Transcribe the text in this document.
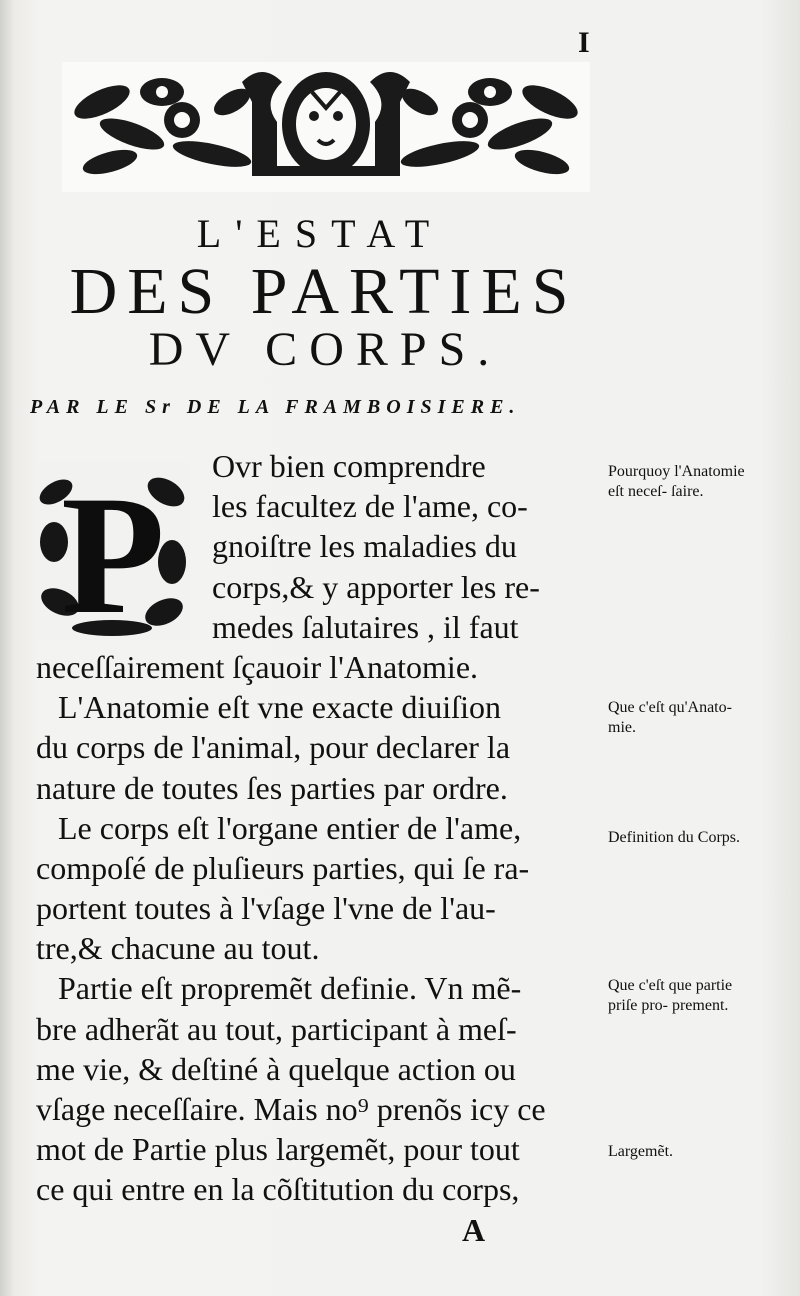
I
L'ESTAT
DES PARTIES
DV CORPS.
PAR LE Sr DE LA FRAMBOISIERE.
P	Ovr bien comprendre
les facultez de l'ame, co-
gnoiſtre les maladies du
corps,& y apporter les re-
medes ſalutaires , il faut
neceſſairement ſçauoir l'Anatomie.
L'Anatomie eſt vne exacte diuiſion
du corps de l'animal, pour declarer la
nature de toutes ſes parties par ordre.
Le corps eſt l'organe entier de l'ame,
compoſé de pluſieurs parties, qui ſe ra-
portent toutes à l'vſage l'vne de l'au-
tre,& chacune au tout.
Partie eſt propremẽt definie. Vn mẽ-
bre adherãt au tout, participant à meſ-
me vie, & deſtiné à quelque action ou
vſage neceſſaire. Mais no⁹ prenõs icy ce
mot de Partie plus largemẽt, pour tout
ce qui entre en la cõſtitution du corps,
Pourquoy l'Anatomie eſt neceſ- ſaire.
Que c'eſt qu'Anato- mie.
Definition du Corps.
Que c'eſt que partie priſe pro- prement.
Largemẽt.
A
